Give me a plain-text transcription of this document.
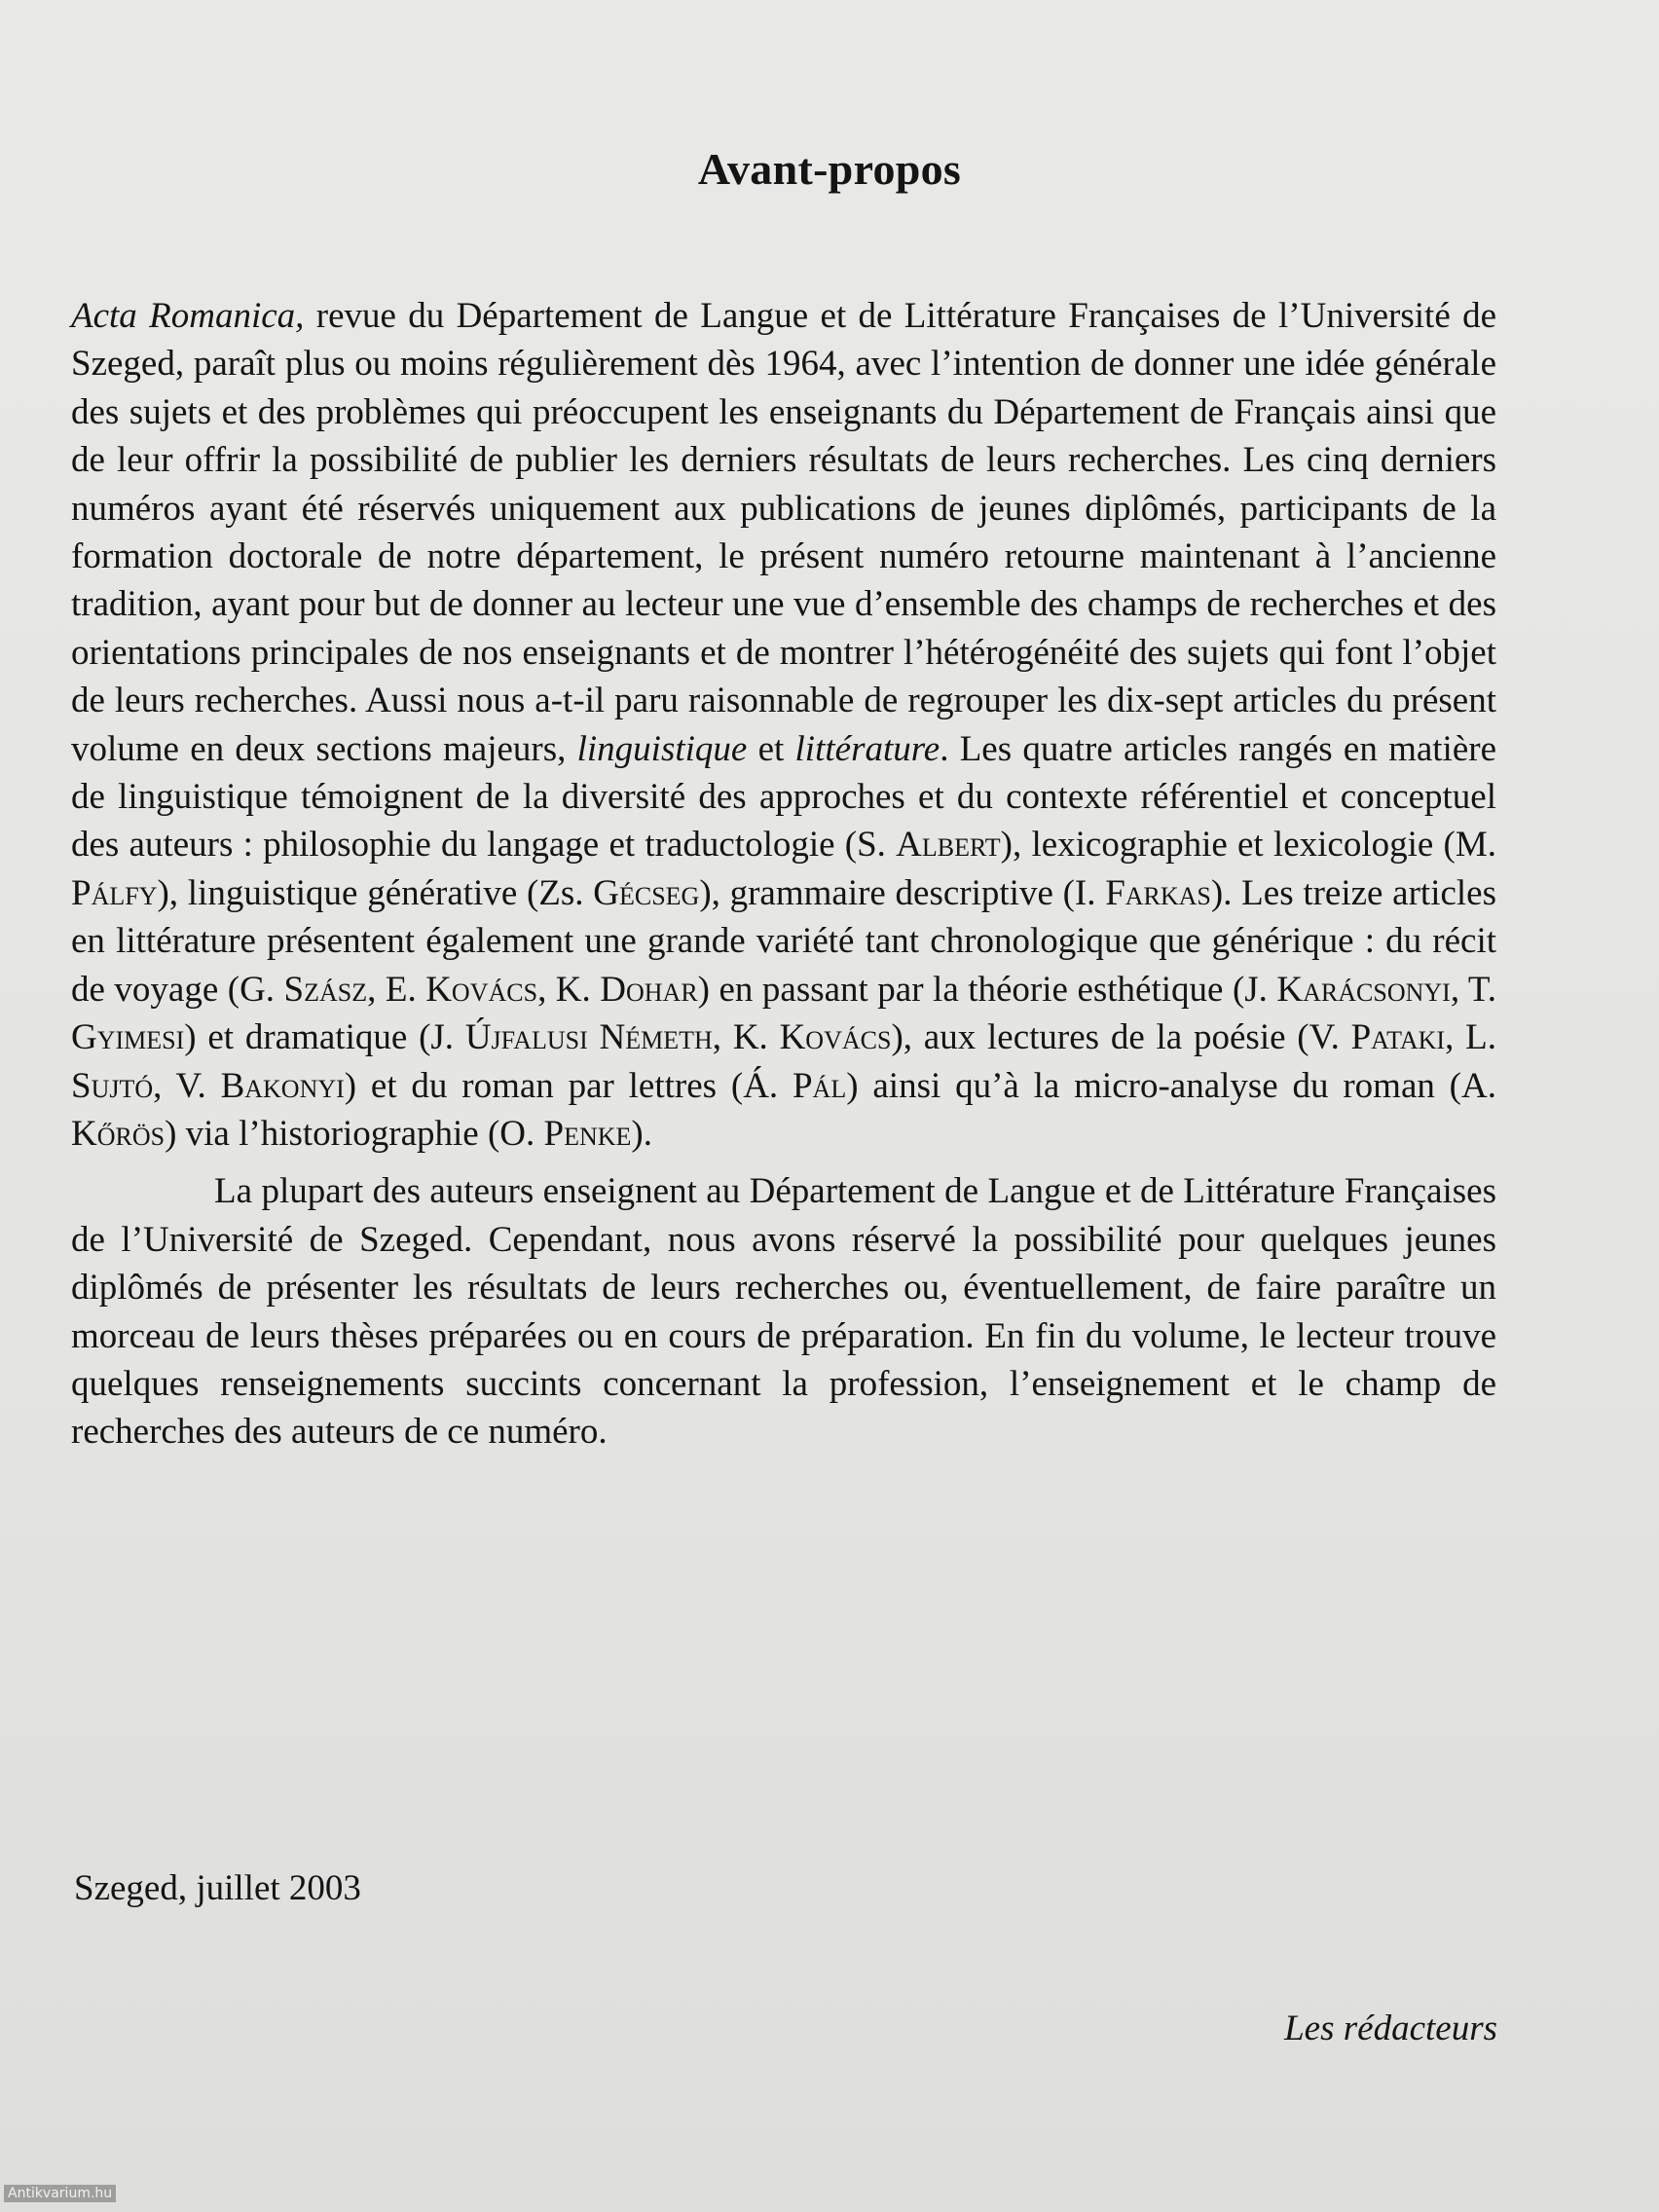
Avant-propos

Acta Romanica, revue du Département de Langue et de Littérature Françaises de l’Université de Szeged, paraît plus ou moins régulièrement dès 1964, avec l’intention de donner une idée générale des sujets et des problèmes qui préoccupent les enseignants du Département de Français ainsi que de leur offrir la possibilité de publier les derniers résultats de leurs recherches. Les cinq derniers numéros ayant été réservés uniquement aux publications de jeunes diplômés, participants de la formation doctorale de notre département, le présent numéro retourne maintenant à l’ancienne tradition, ayant pour but de donner au lecteur une vue d’ensemble des champs de recherches et des orientations principales de nos enseignants et de montrer l’hétérogénéité des sujets qui font l’objet de leurs recherches. Aussi nous a-t-il paru raisonnable de regrouper les dix-sept articles du présent volume en deux sections majeurs, linguistique et littérature. Les quatre articles rangés en matière de linguistique témoignent de la diversité des approches et du contexte référentiel et conceptuel des auteurs : philosophie du langage et traductologie (S. Albert), lexicographie et lexicologie (M. Pálfy), linguistique générative (Zs. Gécseg), grammaire descriptive (I. Farkas). Les treize articles en littérature présentent également une grande variété tant chronologique que générique : du récit de voyage (G. Szász, E. Kovács, K. Dohar) en passant par la théorie esthétique (J. Karácsonyi, T. Gyimesi) et dramatique (J. Újfalusi Németh, K. Kovács), aux lectures de la poésie (V. Pataki, L. Sujtó, V. Bakonyi) et du roman par lettres (Á. Pál) ainsi qu’à la micro-analyse du roman (A. Kőrös) via l’historiographie (O. Penke).

La plupart des auteurs enseignent au Département de Langue et de Littérature Françaises de l’Université de Szeged. Cependant, nous avons réservé la possibilité pour quelques jeunes diplômés de présenter les résultats de leurs recherches ou, éventuellement, de faire paraître un morceau de leurs thèses préparées ou en cours de préparation. En fin du volume, le lecteur trouve quelques renseignements succints concernant la profession, l’enseignement et le champ de recherches des auteurs de ce numéro.

Szeged, juillet 2003
Les rédacteurs
Antikvarium.hu
